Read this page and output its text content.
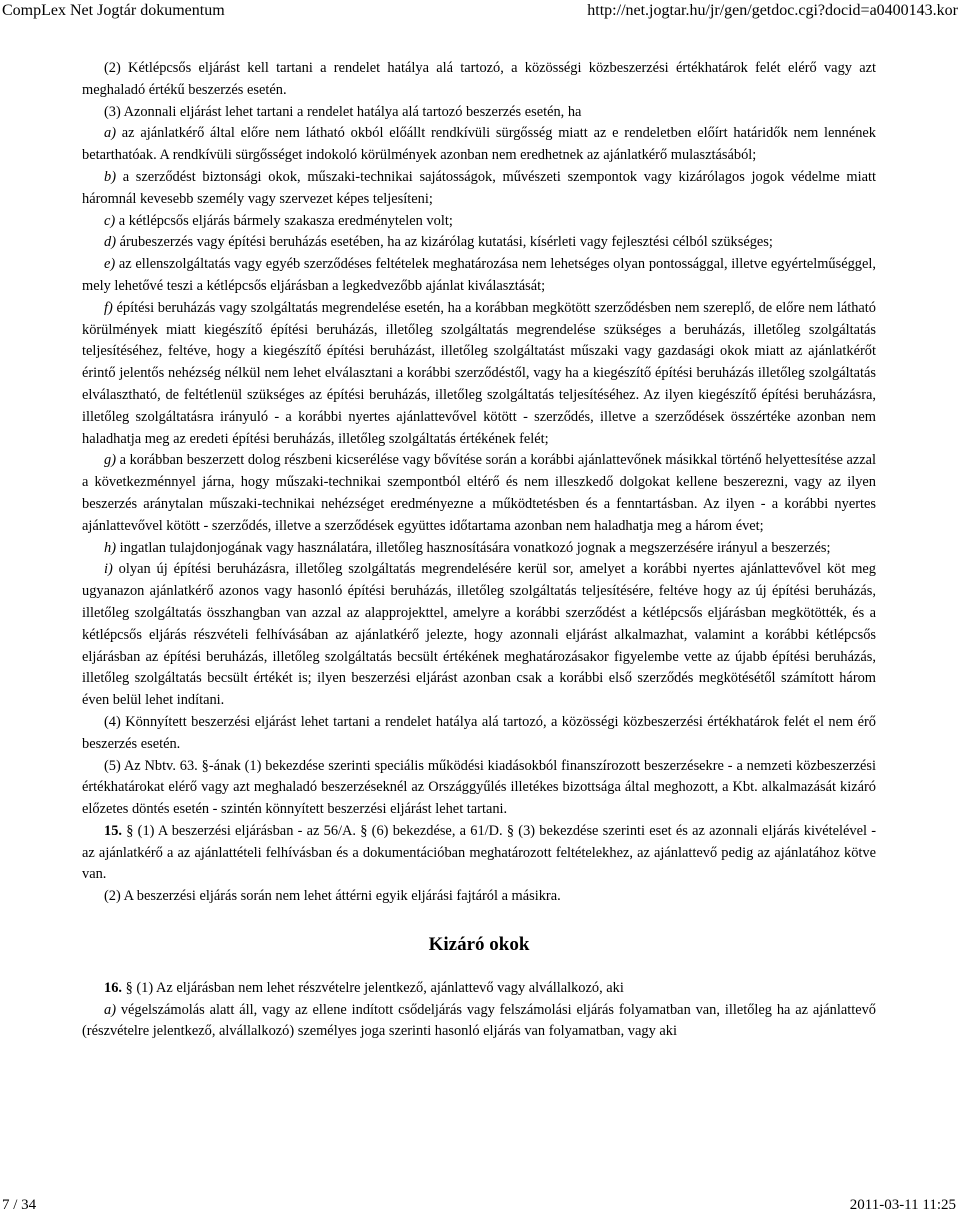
CompLex Net Jogtár dokumentum	http://net.jogtar.hu/jr/gen/getdoc.cgi?docid=a0400143.kor

(2) Kétlépcsős eljárást kell tartani a rendelet hatálya alá tartozó, a közösségi közbeszerzési értékhatárok felét elérő vagy azt meghaladó értékű beszerzés esetén.

(3) Azonnali eljárást lehet tartani a rendelet hatálya alá tartozó beszerzés esetén, ha

a) az ajánlatkérő által előre nem látható okból előállt rendkívüli sürgősség miatt az e rendeletben előírt határidők nem lennének betarthatóak. A rendkívüli sürgősséget indokoló körülmények azonban nem eredhetnek az ajánlatkérő mulasztásából;

b) a szerződést biztonsági okok, műszaki-technikai sajátosságok, művészeti szempontok vagy kizárólagos jogok védelme miatt háromnál kevesebb személy vagy szervezet képes teljesíteni;

c) a kétlépcsős eljárás bármely szakasza eredménytelen volt;

d) árubeszerzés vagy építési beruházás esetében, ha az kizárólag kutatási, kísérleti vagy fejlesztési célból szükséges;

e) az ellenszolgáltatás vagy egyéb szerződéses feltételek meghatározása nem lehetséges olyan pontossággal, illetve egyértelműséggel, mely lehetővé teszi a kétlépcsős eljárásban a legkedvezőbb ajánlat kiválasztását;

f) építési beruházás vagy szolgáltatás megrendelése esetén, ha a korábban megkötött szerződésben nem szereplő, de előre nem látható körülmények miatt kiegészítő építési beruházás, illetőleg szolgáltatás megrendelése szükséges a beruházás, illetőleg szolgáltatás teljesítéséhez, feltéve, hogy a kiegészítő építési beruházást, illetőleg szolgáltatást műszaki vagy gazdasági okok miatt az ajánlatkérőt érintő jelentős nehézség nélkül nem lehet elválasztani a korábbi szerződéstől, vagy ha a kiegészítő építési beruházás illetőleg szolgáltatás elválasztható, de feltétlenül szükséges az építési beruházás, illetőleg szolgáltatás teljesítéséhez. Az ilyen kiegészítő építési beruházásra, illetőleg szolgáltatásra irányuló - a korábbi nyertes ajánlattevővel kötött - szerződés, illetve a szerződések összértéke azonban nem haladhatja meg az eredeti építési beruházás, illetőleg szolgáltatás értékének felét;

g) a korábban beszerzett dolog részbeni kicserélése vagy bővítése során a korábbi ajánlattevőnek másikkal történő helyettesítése azzal a következménnyel járna, hogy műszaki-technikai szempontból eltérő és nem illeszkedő dolgokat kellene beszerezni, vagy az ilyen beszerzés aránytalan műszaki-technikai nehézséget eredményezne a működtetésben és a fenntartásban. Az ilyen - a korábbi nyertes ajánlattevővel kötött - szerződés, illetve a szerződések együttes időtartama azonban nem haladhatja meg a három évet;

h) ingatlan tulajdonjogának vagy használatára, illetőleg hasznosítására vonatkozó jognak a megszerzésére irányul a beszerzés;

i) olyan új építési beruházásra, illetőleg szolgáltatás megrendelésére kerül sor, amelyet a korábbi nyertes ajánlattevővel köt meg ugyanazon ajánlatkérő azonos vagy hasonló építési beruházás, illetőleg szolgáltatás teljesítésére, feltéve hogy az új építési beruházás, illetőleg szolgáltatás összhangban van azzal az alapprojekttel, amelyre a korábbi szerződést a kétlépcsős eljárásban megkötötték, és a kétlépcsős eljárás részvételi felhívásában az ajánlatkérő jelezte, hogy azonnali eljárást alkalmazhat, valamint a korábbi kétlépcsős eljárásban az építési beruházás, illetőleg szolgáltatás becsült értékének meghatározásakor figyelembe vette az újabb építési beruházás, illetőleg szolgáltatás becsült értékét is; ilyen beszerzési eljárást azonban csak a korábbi első szerződés megkötésétől számított három éven belül lehet indítani.

(4) Könnyített beszerzési eljárást lehet tartani a rendelet hatálya alá tartozó, a közösségi közbeszerzési értékhatárok felét el nem érő beszerzés esetén.

(5) Az Nbtv. 63. §-ának (1) bekezdése szerinti speciális működési kiadásokból finanszírozott beszerzésekre - a nemzeti közbeszerzési értékhatárokat elérő vagy azt meghaladó beszerzéseknél az Országgyűlés illetékes bizottsága által meghozott, a Kbt. alkalmazását kizáró előzetes döntés esetén - szintén könnyített beszerzési eljárást lehet tartani.

15. § (1) A beszerzési eljárásban - az 56/A. § (6) bekezdése, a 61/D. § (3) bekezdése szerinti eset és az azonnali eljárás kivételével - az ajánlatkérő a az ajánlattételi felhívásban és a dokumentációban meghatározott feltételekhez, az ajánlattevő pedig az ajánlatához kötve van.

(2) A beszerzési eljárás során nem lehet áttérni egyik eljárási fajtáról a másikra.

Kizáró okok

16. § (1) Az eljárásban nem lehet részvételre jelentkező, ajánlattevő vagy alvállalkozó, aki

a) végelszámolás alatt áll, vagy az ellene indított csődeljárás vagy felszámolási eljárás folyamatban van, illetőleg ha az ajánlattevő (részvételre jelentkező, alvállalkozó) személyes joga szerinti hasonló eljárás van folyamatban, vagy aki

7 / 34	2011-03-11 11:25
